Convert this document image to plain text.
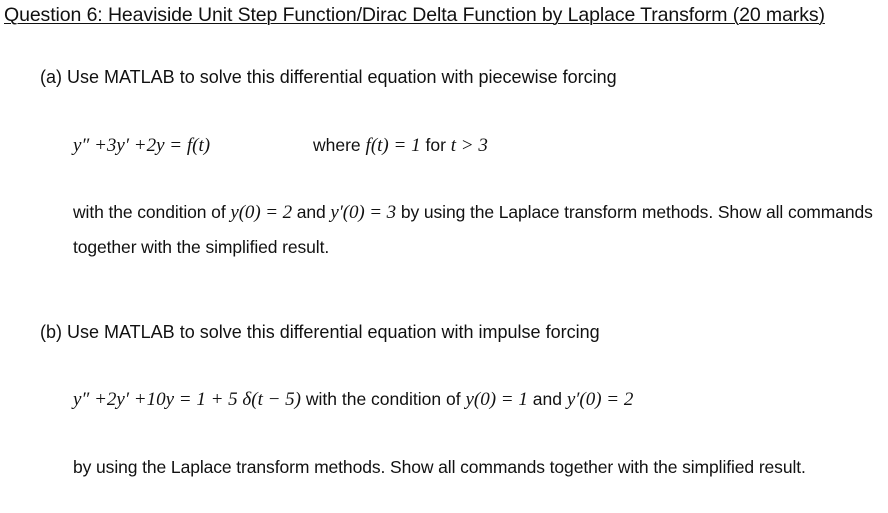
Question 6: Heaviside Unit Step Function/Dirac Delta Function by Laplace Transform (20 marks)
(a) Use MATLAB to solve this differential equation with piecewise forcing
y″ +3y′ +2y = f(t)	where f(t) = 1 for t > 3
with the condition of y(0) = 2 and y′(0) = 3 by using the Laplace transform methods. Show all commands together with the simplified result.
(b) Use MATLAB to solve this differential equation with impulse forcing
y″ +2y′ +10y = 1 + 5 δ(t − 5) with the condition of y(0) = 1 and y′(0) = 2
by using the Laplace transform methods. Show all commands together with the simplified result.
